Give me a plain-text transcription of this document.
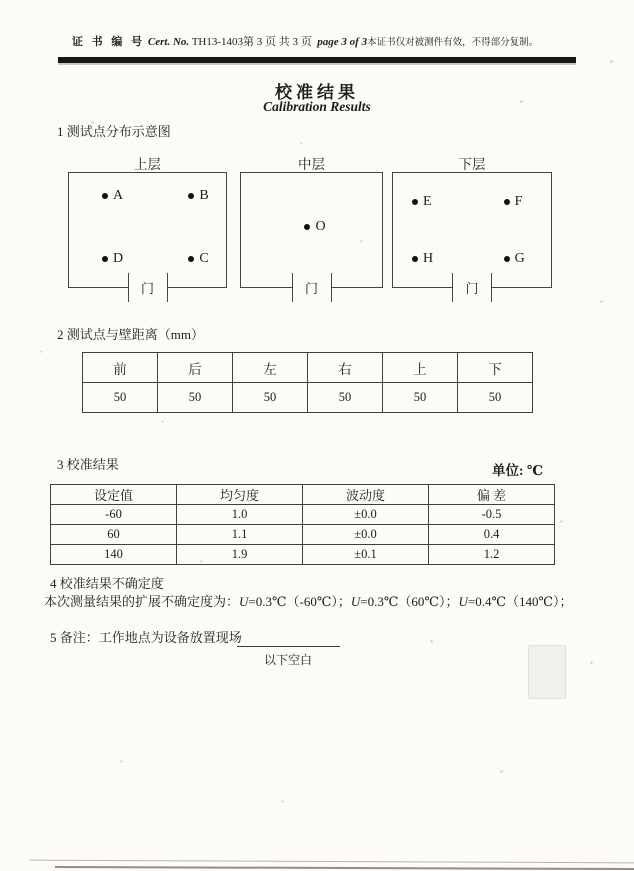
证 书 编 号 Cert. No. TH13-1403第 3 页 共 3 页 page 3 of 3本证书仅对被测件有效，不得部分复制。
校准结果
Calibration Results
1 测试点分布示意图
上层
A	B
D	C
门
中层
O
门
下层
E	F
H	G
门
2 测试点与壁距离（mm）
前	后	左	右	上	下
50	50	50	50	50	50
3 校准结果	单位: ℃
设定值	均匀度	波动度	偏 差
-60	1.0	±0.0	-0.5
60	1.1	±0.0	0.4
140	1.9	±0.1	1.2
4 校准结果不确定度
本次测量结果的扩展不确定度为：U=0.3℃（-60℃）；U=0.3℃（60℃）；U=0.4℃（140℃）；
5 备注：工作地点为设备放置现场
以下空白
